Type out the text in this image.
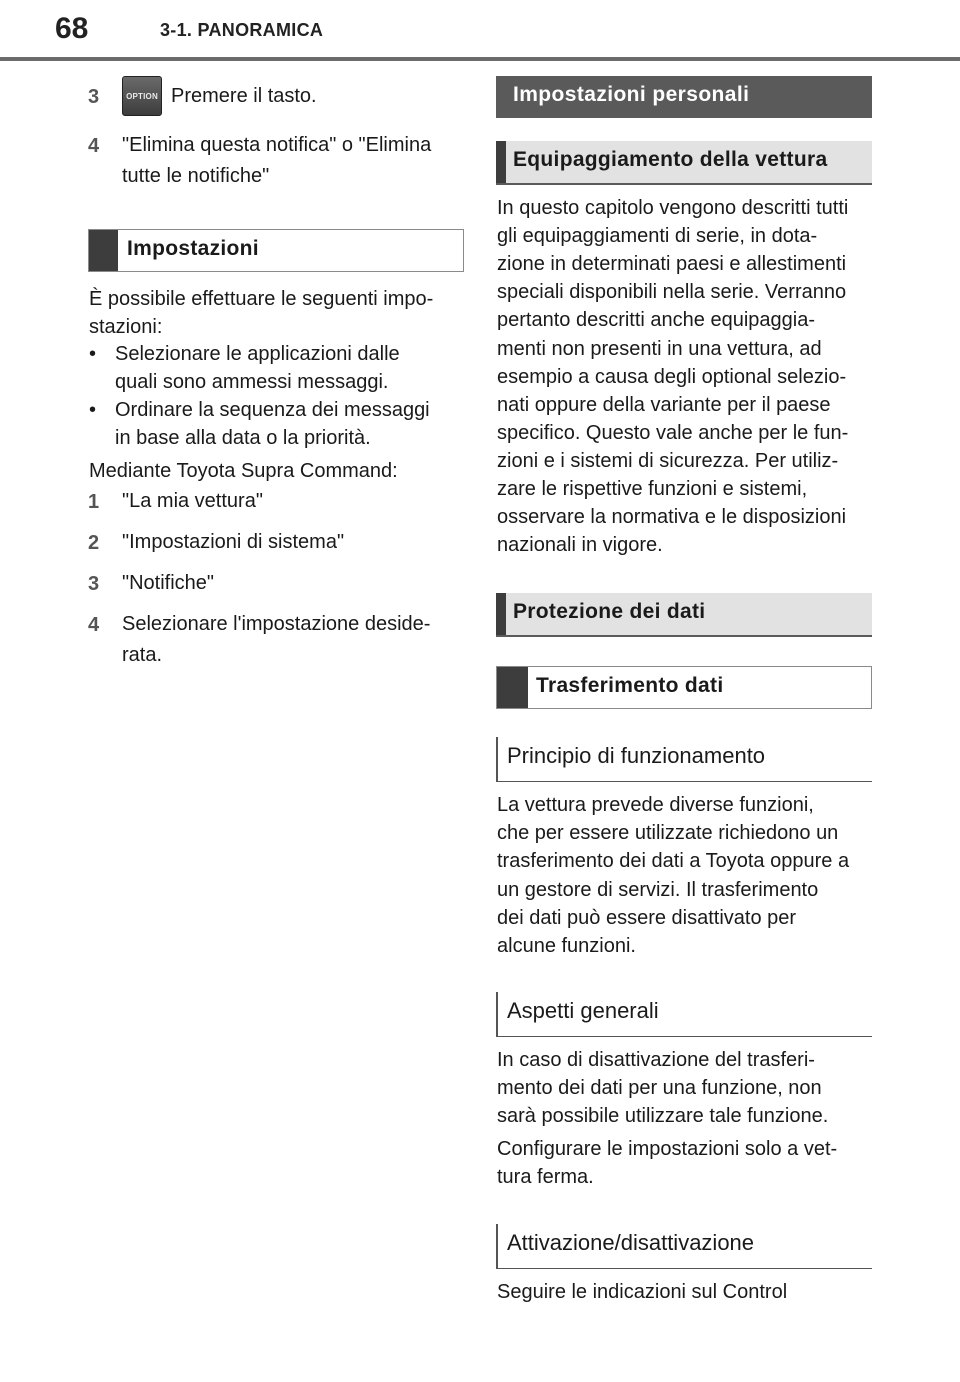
68	3-1. PANORAMICA
3	OPTION Premere il tasto.
4 "Elimina questa notifica" o "Elimina
tutte le notifiche"
Impostazioni
È possibile effettuare le seguenti impo-
stazioni:
• Selezionare le applicazioni dalle
quali sono ammessi messaggi.
• Ordinare la sequenza dei messaggi
in base alla data o la priorità.
Mediante Toyota Supra Command:
1 "La mia vettura"
2 "Impostazioni di sistema"
3 "Notifiche"
4 Selezionare l'impostazione deside-
rata.
Impostazioni personali
Equipaggiamento della vettura
In questo capitolo vengono descritti tutti
gli equipaggiamenti di serie, in dota-
zione in determinati paesi e allestimenti
speciali disponibili nella serie. Verranno
pertanto descritti anche equipaggia-
menti non presenti in una vettura, ad
esempio a causa degli optional selezio-
nati oppure della variante per il paese
specifico. Questo vale anche per le fun-
zioni e i sistemi di sicurezza. Per utiliz-
zare le rispettive funzioni e sistemi,
osservare la normativa e le disposizioni
nazionali in vigore.
Protezione dei dati
Trasferimento dati
Principio di funzionamento
La vettura prevede diverse funzioni,
che per essere utilizzate richiedono un
trasferimento dei dati a Toyota oppure a
un gestore di servizi. Il trasferimento
dei dati può essere disattivato per
alcune funzioni.
Aspetti generali
In caso di disattivazione del trasferi-
mento dei dati per una funzione, non
sarà possibile utilizzare tale funzione.
Configurare le impostazioni solo a vet-
tura ferma.
Attivazione/disattivazione
Seguire le indicazioni sul Control
